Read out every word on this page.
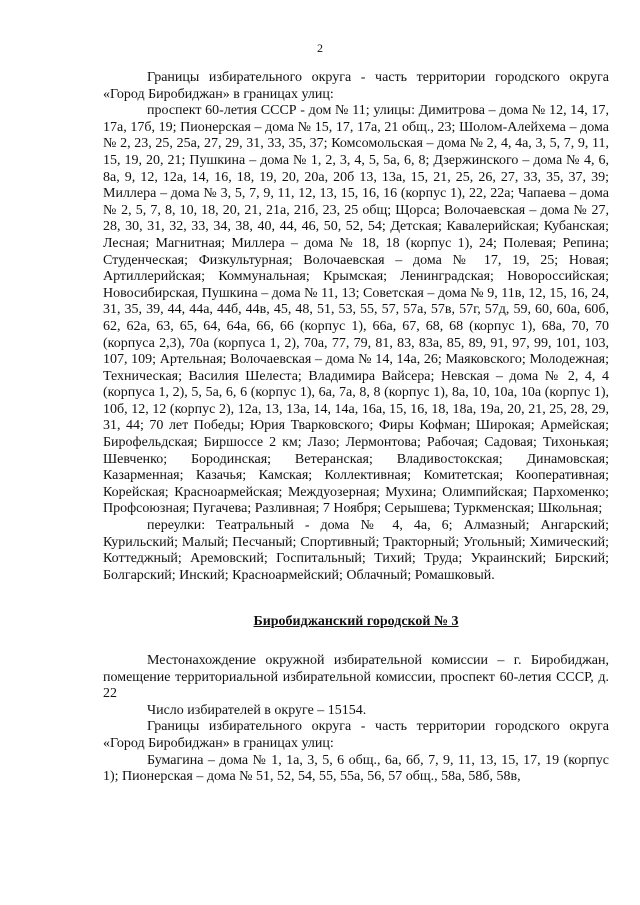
2

Границы избирательного округа - часть территории городского округа «Город Биробиджан» в границах улиц:

проспект 60-летия СССР - дом № 11; улицы: Димитрова – дома № 12, 14, 17, 17а, 17б, 19; Пионерская – дома № 15, 17, 17а, 21 общ., 23; Шолом-Алейхема – дома № 2, 23, 25, 25а, 27, 29, 31, 33, 35, 37; Комсомольская – дома № 2, 4, 4а, 3, 5, 7, 9, 11, 15, 19, 20, 21; Пушкина – дома № 1, 2, 3, 4, 5, 5а, 6, 8; Дзержинского – дома № 4, 6, 8а, 9, 12, 12а, 14, 16, 18, 19, 20, 20а, 20б 13, 13а, 15, 21, 25, 26, 27, 33, 35, 37, 39; Миллера – дома № 3, 5, 7, 9, 11, 12, 13, 15, 16, 16 (корпус 1), 22, 22а; Чапаева – дома № 2, 5, 7, 8, 10, 18, 20, 21, 21а, 21б, 23, 25 общ; Щорса; Волочаевская – дома № 27, 28, 30, 31, 32, 33, 34, 38, 40, 44, 46, 50, 52, 54; Детская; Кавалерийская; Кубанская; Лесная; Магнитная; Миллера – дома № 18, 18 (корпус 1), 24; Полевая; Репина; Студенческая; Физкультурная; Волочаевская – дома № 17, 19, 25; Новая; Артиллерийская; Коммунальная; Крымская; Ленинградская; Новороссийская; Новосибирская, Пушкина – дома № 11, 13; Советская – дома № 9, 11в, 12, 15, 16, 24, 31, 35, 39, 44, 44а, 44б, 44в, 45, 48, 51, 53, 55, 57, 57а, 57в, 57г, 57д, 59, 60, 60а, 60б, 62, 62а, 63, 65, 64, 64а, 66, 66 (корпус 1), 66а, 67, 68, 68 (корпус 1), 68а, 70, 70 (корпуса 2,3), 70а (корпуса 1, 2), 70а, 77, 79, 81, 83, 83а, 85, 89, 91, 97, 99, 101, 103, 107, 109; Артельная; Волочаевская – дома № 14, 14а, 26; Маяковского; Молодежная; Техническая; Василия Шелеста; Владимира Вайсера; Невская – дома № 2, 4, 4 (корпуса 1, 2), 5, 5а, 6, 6 (корпус 1), 6а, 7а, 8, 8 (корпус 1), 8а, 10, 10а, 10а (корпус 1), 10б, 12, 12 (корпус 2), 12а, 13, 13а, 14, 14а, 16а, 15, 16, 18, 18а, 19а, 20, 21, 25, 28, 29, 31, 44; 70 лет Победы; Юрия Тварковского; Фиры Кофман; Широкая; Армейская; Бирофельдская; Биршоссе 2 км; Лазо; Лермонтова; Рабочая; Садовая; Тихонькая; Шевченко; Бородинская; Ветеранская; Владивостокская; Динамовская; Казарменная; Казачья; Камская; Коллективная; Комитетская; Кооперативная; Корейская; Красноармейская; Междуозерная; Мухина; Олимпийская; Пархоменко; Профсоюзная; Пугачева; Разливная; 7 Ноября; Серышева; Туркменская; Школьная;

переулки: Театральный - дома № 4, 4а, 6; Алмазный; Ангарский; Курильский; Малый; Песчаный; Спортивный; Тракторный; Угольный; Химический; Коттеджный; Аремовский; Госпитальный; Тихий; Труда; Украинский; Бирский; Болгарский; Инский; Красноармейский; Облачный; Ромашковый.

Биробиджанский городской № 3

Местонахождение окружной избирательной комиссии – г. Биробиджан, помещение территориальной избирательной комиссии, проспект 60-летия СССР, д. 22

Число избирателей в округе – 15154.

Границы избирательного округа - часть территории городского округа «Город Биробиджан» в границах улиц:

Бумагина – дома № 1, 1а, 3, 5, 6 общ., 6а, 6б, 7, 9, 11, 13, 15, 17, 19 (корпус 1); Пионерская – дома № 51, 52, 54, 55, 55а, 56, 57 общ., 58а, 58б, 58в,
